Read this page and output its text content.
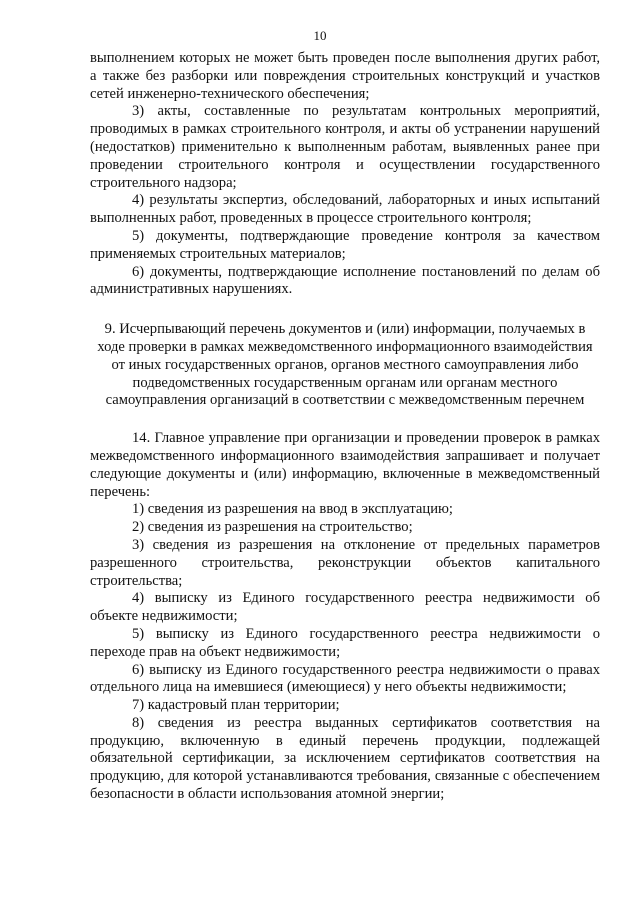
10

выполнением которых не может быть проведен после выполнения других работ, а также без разборки или повреждения строительных конструкций и участков сетей инженерно-технического обеспечения;

3) акты, составленные по результатам контрольных мероприятий, проводимых в рамках строительного контроля, и акты об устранении нарушений (недостатков) применительно к выполненным работам, выявленных ранее при проведении строительного контроля и осуществлении государственного строительного надзора;

4) результаты экспертиз, обследований, лабораторных и иных испытаний выполненных работ, проведенных в процессе строительного контроля;

5) документы, подтверждающие проведение контроля за качеством применяемых строительных материалов;

6) документы, подтверждающие исполнение постановлений по делам об административных нарушениях.

9. Исчерпывающий перечень документов и (или) информации, получаемых в ходе проверки в рамках межведомственного информационного взаимодействия от иных государственных органов, органов местного самоуправления либо подведомственных государственным органам или органам местного самоуправления организаций в соответствии с межведомственным перечнем

14. Главное управление при организации и проведении проверок в рамках межведомственного информационного взаимодействия запрашивает и получает следующие документы и (или) информацию, включенные в межведомственный перечень:

1) сведения из разрешения на ввод в эксплуатацию;

2) сведения из разрешения на строительство;

3) сведения из разрешения на отклонение от предельных параметров разрешенного строительства, реконструкции объектов капитального строительства;

4) выписку из Единого государственного реестра недвижимости об объекте недвижимости;

5) выписку из Единого государственного реестра недвижимости о переходе прав на объект недвижимости;

6) выписку из Единого государственного реестра недвижимости о правах отдельного лица на имевшиеся (имеющиеся) у него объекты недвижимости;

7) кадастровый план территории;

8) сведения из реестра выданных сертификатов соответствия на продукцию, включенную в единый перечень продукции, подлежащей обязательной сертификации, за исключением сертификатов соответствия на продукцию, для которой устанавливаются требования, связанные с обеспечением безопасности в области использования атомной энергии;
